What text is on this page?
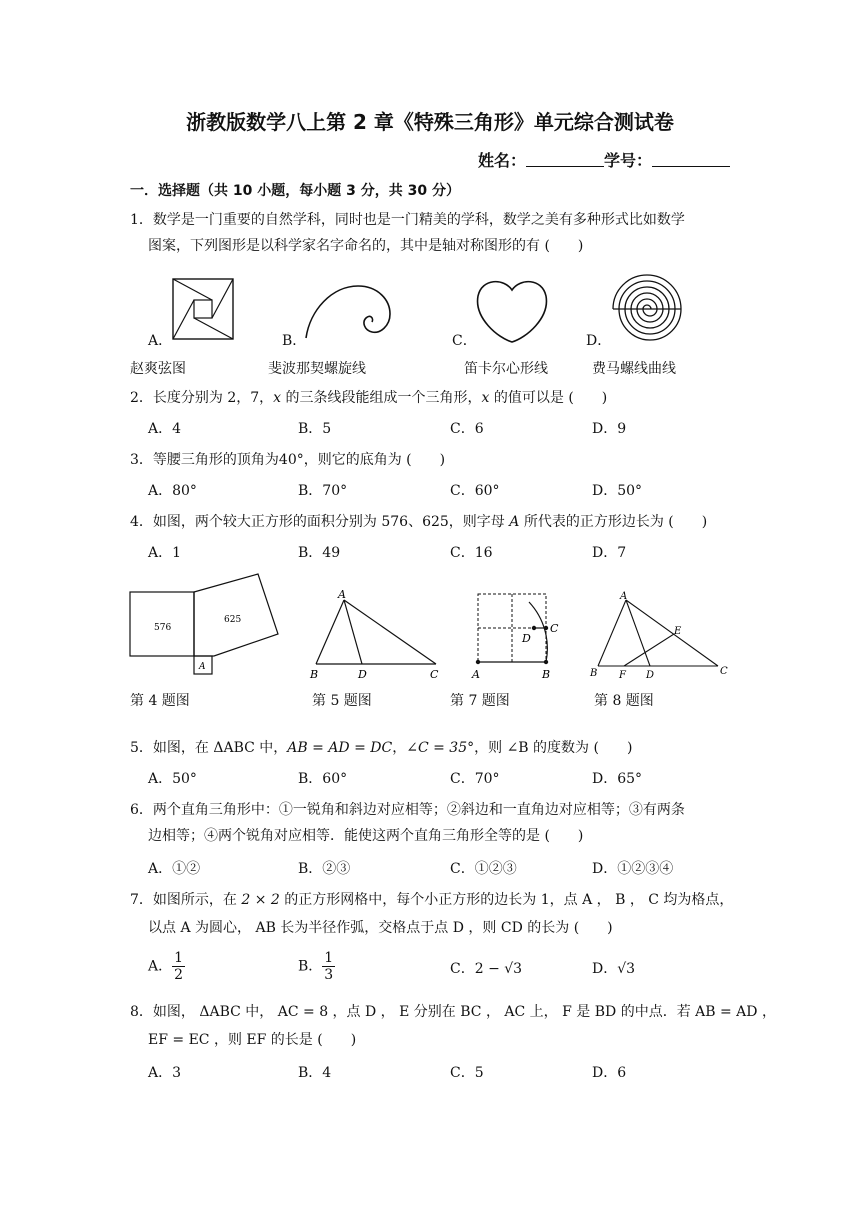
浙教版数学八上第 2 章《特殊三角形》单元综合测试卷
姓名：	学号：
一．选择题（共 10 小题，每小题 3 分，共 30 分）
1．数学是一门重要的自然学科，同时也是一门精美的学科，数学之美有多种形式比如数学
图案，下列图形是以科学家名字命名的，其中是轴对称图形的有 (　　)
A．	B．	C．	D．
赵爽弦图	斐波那契螺旋线	笛卡尔心形线	费马螺线曲线
2．长度分别为 2，7，x 的三条线段能组成一个三角形，x 的值可以是 (　　)
A．4	B．5	C．6	D．9
3．等腰三角形的顶角为40°，则它的底角为 (　　)
A．80°	B．70°	C．60°	D．50°
4．如图，两个较大正方形的面积分别为 576、625，则字母 A 所代表的正方形边长为 (　　)
A．1	B．49	C．16	D．7
576
625
A
A
B	D	C	A	B
C
D
A
B F D
E
C
第 4 题图	第 5 题图	第 7 题图	第 8 题图
5．如图，在 ΔABC 中，AB = AD = DC，∠C = 35°，则 ∠B 的度数为 (　　)
A．50°	B．60°	C．70°	D．65°
6．两个直角三角形中：①一锐角和斜边对应相等；②斜边和一直角边对应相等；③有两条
边相等；④两个锐角对应相等．能使这两个直角三角形全等的是 (　　)
A．①②	B．②③	C．①②③	D．①②③④
7．如图所示，在 2 × 2 的正方形网格中，每个小正方形的边长为 1，点 A ， B ， C 均为格点，
以点 A 为圆心， AB 长为半径作弧，交格点于点 D ，则 CD 的长为 (　　)
A． $\frac{1}{2}$	B． $\frac{1}{3}$	C．2 − √3	D．√3
8．如图， ΔABC 中， AC = 8 ，点 D ， E 分别在 BC ， AC 上， F 是 BD 的中点．若 AB = AD ，
EF = EC ，则 EF 的长是 (　　)
A．3	B．4	C．5	D．6
